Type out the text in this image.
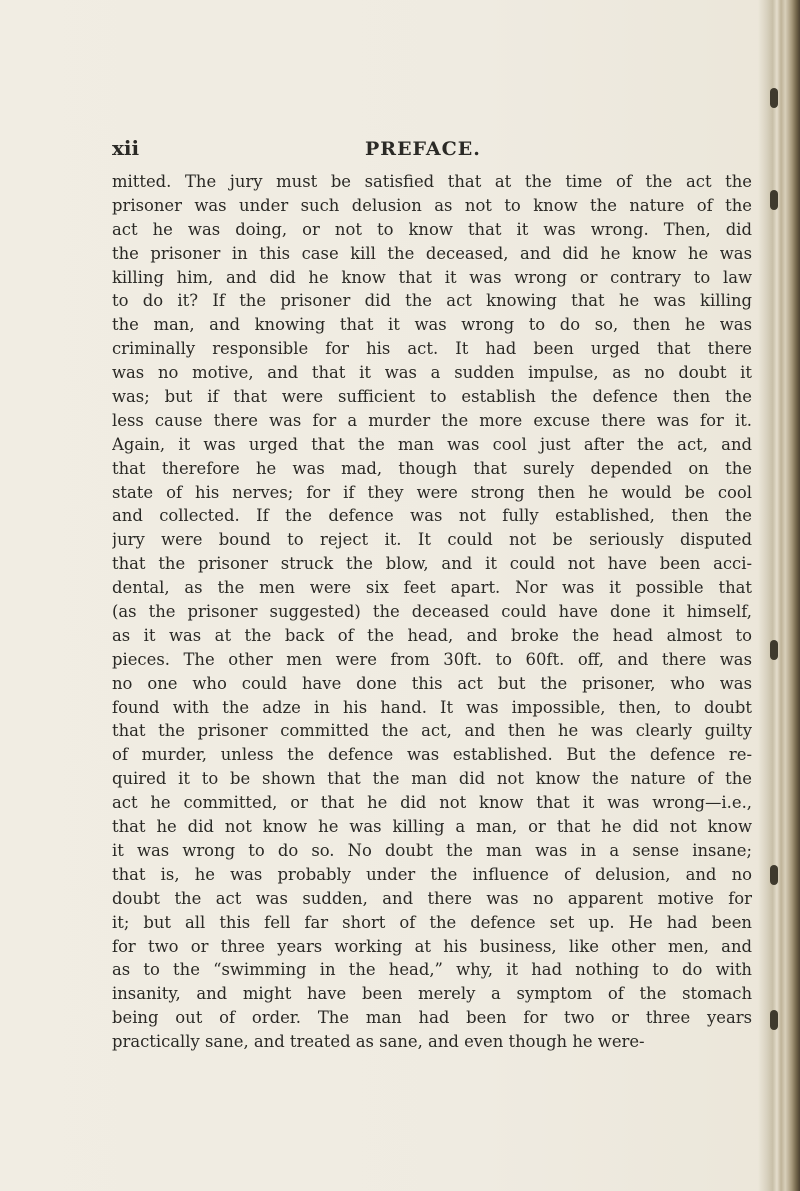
xii	PREFACE.
mitted. The jury must be satisfied that at the time of the act the
prisoner was under such delusion as not to know the nature of the
act he was doing, or not to know that it was wrong. Then, did
the prisoner in this case kill the deceased, and did he know he was
killing him, and did he know that it was wrong or contrary to law
to do it? If the prisoner did the act knowing that he was killing
the man, and knowing that it was wrong to do so, then he was
criminally responsible for his act. It had been urged that there
was no motive, and that it was a sudden impulse, as no doubt it
was; but if that were sufficient to establish the defence then the
less cause there was for a murder the more excuse there was for it.
Again, it was urged that the man was cool just after the act, and
that therefore he was mad, though that surely depended on the
state of his nerves; for if they were strong then he would be cool
and collected. If the defence was not fully established, then the
jury were bound to reject it. It could not be seriously disputed
that the prisoner struck the blow, and it could not have been acci-
dental, as the men were six feet apart. Nor was it possible that
(as the prisoner suggested) the deceased could have done it himself,
as it was at the back of the head, and broke the head almost to
pieces. The other men were from 30ft. to 60ft. off, and there was
no one who could have done this act but the prisoner, who was
found with the adze in his hand. It was impossible, then, to doubt
that the prisoner committed the act, and then he was clearly guilty
of murder, unless the defence was established. But the defence re-
quired it to be shown that the man did not know the nature of the
act he committed, or that he did not know that it was wrong—i.e.,
that he did not know he was killing a man, or that he did not know
it was wrong to do so. No doubt the man was in a sense insane;
that is, he was probably under the influence of delusion, and no
doubt the act was sudden, and there was no apparent motive for
it; but all this fell far short of the defence set up. He had been
for two or three years working at his business, like other men, and
as to the “swimming in the head,” why, it had nothing to do with
insanity, and might have been merely a symptom of the stomach
being out of order. The man had been for two or three years
practically sane, and treated as sane, and even though he were-
